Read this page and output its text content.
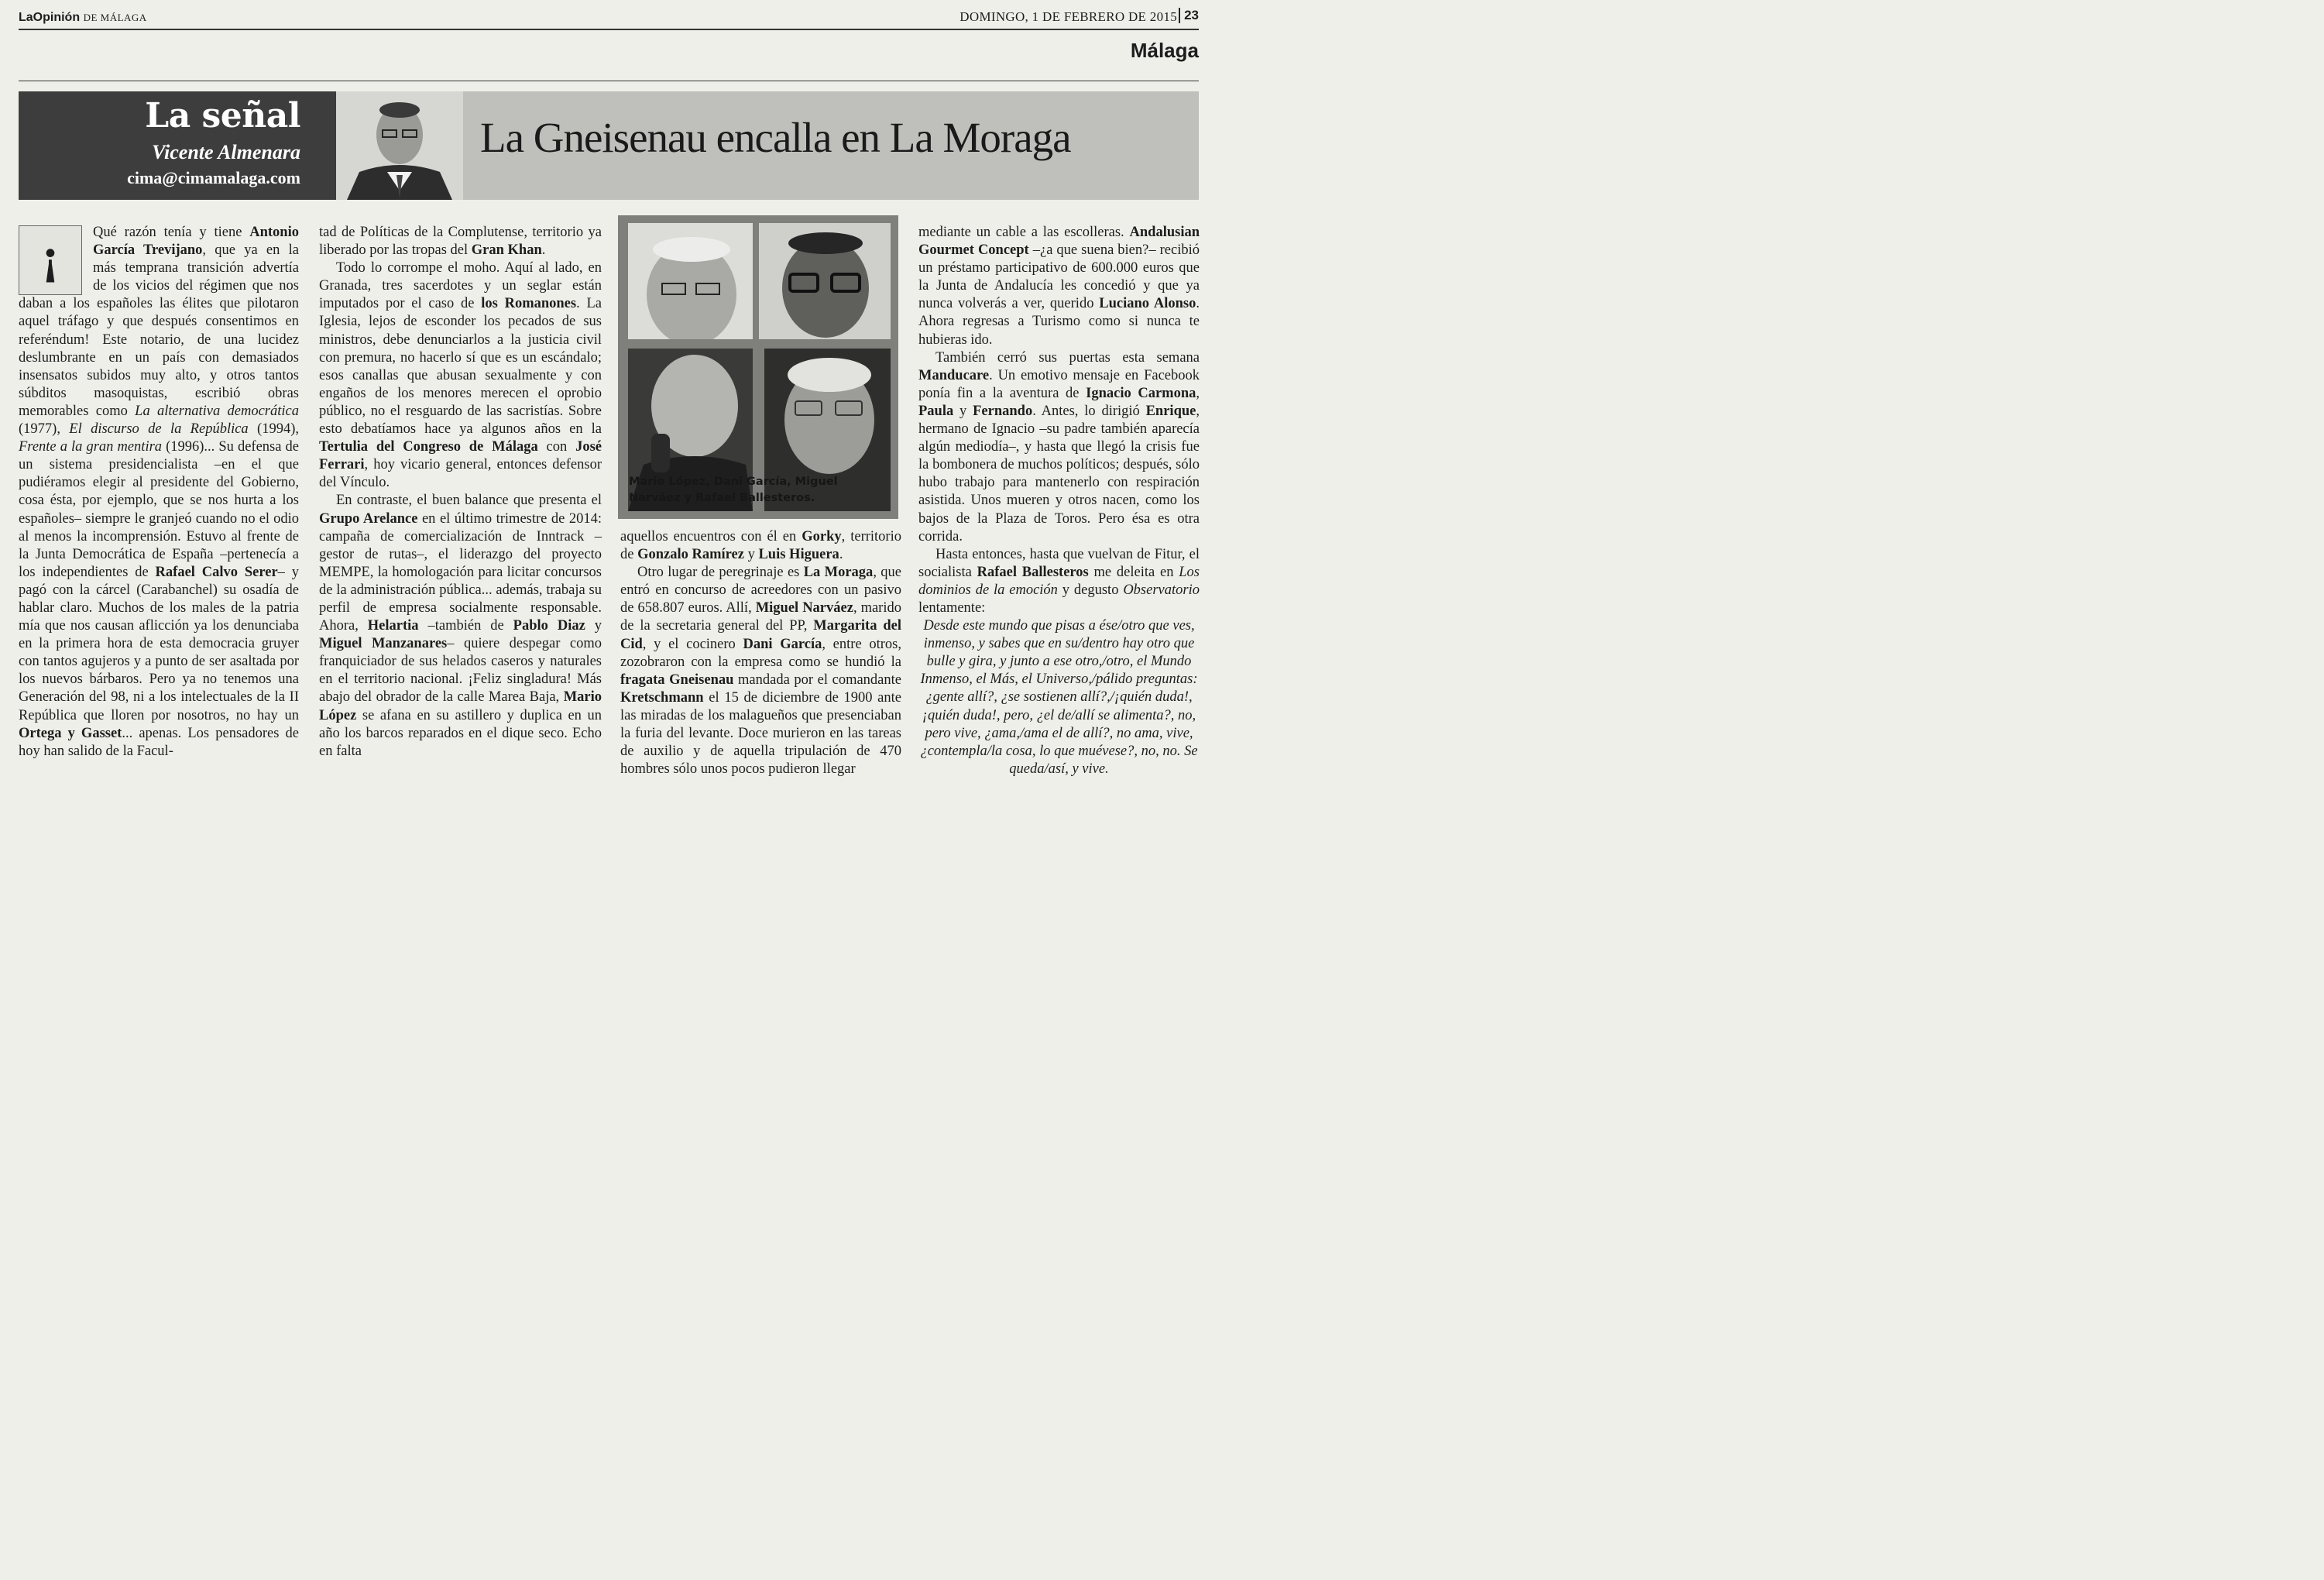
LaOpinión DE MÁLAGA	DOMINGO, 1 DE FEBRERO DE 2015 23
Málaga
La señal
Vicente Almenara
cima@cimamalaga.com
La Gneisenau encalla en La Moraga
¡	Qué razón tenía y tiene Antonio García Trevijano, que ya en la más temprana transición advertía de los vicios del régimen que nos daban a los españoles las élites que pilotaron aquel tráfago y que después consentimos en referéndum! Este notario, de una lucidez deslumbrante en un país con demasiados insensatos subidos muy alto, y otros tantos súbditos masoquistas, escribió obras memorables como La alternativa democrática (1977), El discurso de la República (1994), Frente a la gran mentira (1996)... Su defensa de un sistema presidencialista –en el que pudiéramos elegir al presidente del Gobierno, cosa ésta, por ejemplo, que se nos hurta a los españoles– siempre le granjeó cuando no el odio al menos la incomprensión. Estuvo al frente de la Junta Democrática de España –pertenecía a los independientes de Rafael Calvo Serer– y pagó con la cárcel (Carabanchel) su osadía de hablar claro. Muchos de los males de la patria mía que nos causan aflicción ya los denunciaba en la primera hora de esta democracia gruyer con tantos agujeros y a punto de ser asaltada por los nuevos bárbaros. Pero ya no tenemos una Generación del 98, ni a los intelectuales de la II República que lloren por nosotros, no hay un Ortega y Gasset... apenas. Los pensadores de hoy han salido de la Facul-

tad de Políticas de la Complutense, territorio ya liberado por las tropas del Gran Khan.

Todo lo corrompe el moho. Aquí al lado, en Granada, tres sacerdotes y un seglar están imputados por el caso de los Romanones. La Iglesia, lejos de esconder los pecados de sus ministros, debe denunciarlos a la justicia civil con premura, no hacerlo sí que es un escándalo; esos canallas que abusan sexualmente y con engaños de los menores merecen el oprobio público, no el resguardo de las sacristías. Sobre esto debatíamos hace ya algunos años en la Tertulia del Congreso de Málaga con José Ferrari, hoy vicario general, entonces defensor del Vínculo.

En contraste, el buen balance que presenta el Grupo Arelance en el último trimestre de 2014: campaña de comercialización de Inntrack –gestor de rutas–, el liderazgo del proyecto MEMPE, la homologación para licitar concursos de la administración pública... además, trabaja su perfil de empresa socialmente responsable. Ahora, Helartia –también de Pablo Diaz y Miguel Manzanares– quiere despegar como franquiciador de sus helados caseros y naturales en el territorio nacional. ¡Feliz singladura! Más abajo del obrador de la calle Marea Baja, Mario López se afana en su astillero y duplica en un año los barcos reparados en el dique seco. Echo en falta

Mario López, Dani García, Miguel Narváez y Rafael Ballesteros.

aquellos encuentros con él en Gorky, territorio de Gonzalo Ramírez y Luis Higuera.

Otro lugar de peregrinaje es La Moraga, que entró en concurso de acreedores con un pasivo de 658.807 euros. Allí, Miguel Narváez, marido de la secretaria general del PP, Margarita del Cid, y el cocinero Dani García, entre otros, zozobraron con la empresa como se hundió la fragata Gneisenau mandada por el comandante Kretschmann el 15 de diciembre de 1900 ante las miradas de los malagueños que presenciaban la furia del levante. Doce murieron en las tareas de auxilio y de aquella tripulación de 470 hombres sólo unos pocos pudieron llegar

mediante un cable a las escolleras. Andalusian Gourmet Concept –¿a que suena bien?– recibió un préstamo participativo de 600.000 euros que la Junta de Andalucía les concedió y que ya nunca volverás a ver, querido Luciano Alonso. Ahora regresas a Turismo como si nunca te hubieras ido.

También cerró sus puertas esta semana Manducare. Un emotivo mensaje en Facebook ponía fin a la aventura de Ignacio Carmona, Paula y Fernando. Antes, lo dirigió Enrique, hermano de Ignacio –su padre también aparecía algún mediodía–, y hasta que llegó la crisis fue la bombonera de muchos políticos; después, sólo hubo trabajo para mantenerlo con respiración asistida. Unos mueren y otros nacen, como los bajos de la Plaza de Toros. Pero ésa es otra corrida.

Hasta entonces, hasta que vuelvan de Fitur, el socialista Rafael Ballesteros me deleita en Los dominios de la emoción y degusto Observatorio lentamente:

Desde este mundo que pisas a ése/otro que ves, inmenso, y sabes que en su/dentro hay otro que bulle y gira, y junto a ese otro,/otro, el Mundo Inmenso, el Más, el Universo,/pálido preguntas: ¿gente allí?, ¿se sostienen allí?,/¡quién duda!, ¡quién duda!, pero, ¿el de/allí se alimenta?, no, pero vive, ¿ama,/ama el de allí?, no ama, vive, ¿contempla/la cosa, lo que muévese?, no, no. Se queda/así, y vive.
